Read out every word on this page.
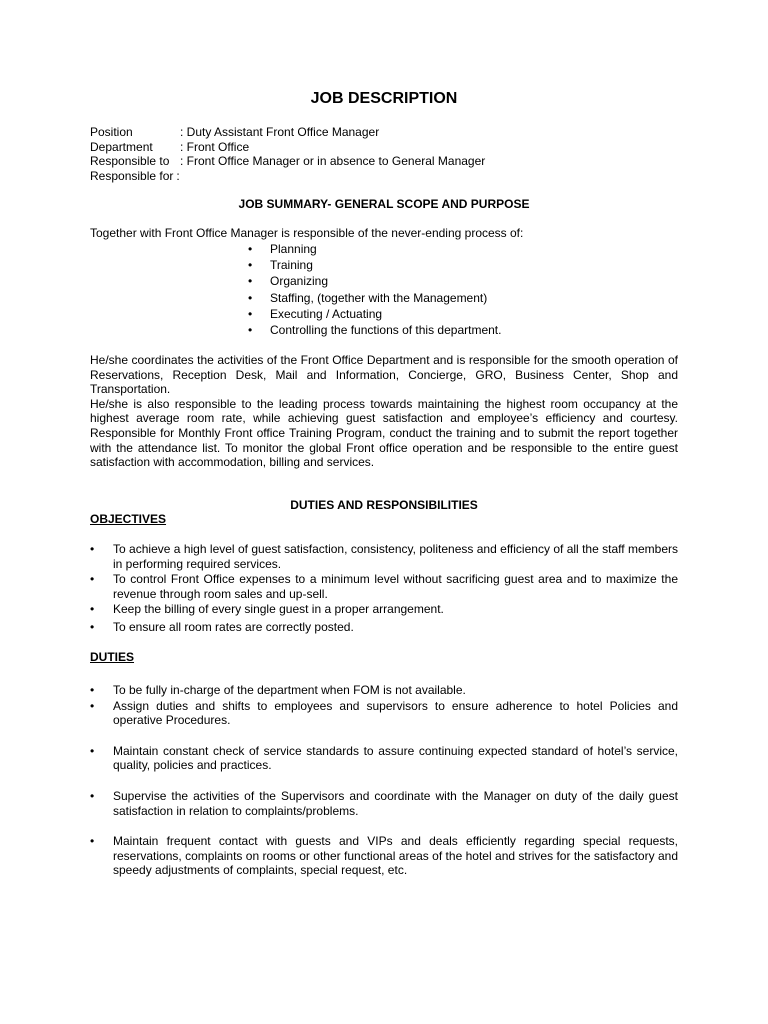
JOB DESCRIPTION
Position	: Duty Assistant Front Office Manager
Department	: Front Office
Responsible to : Front Office Manager or in absence to General Manager
Responsible for :
JOB SUMMARY- GENERAL SCOPE AND PURPOSE
Together with Front Office Manager is responsible of the never-ending process of:
•	Planning
•	Training
•	Organizing
•	Staffing, (together with the Management)
•	Executing / Actuating
•	Controlling the functions of this department.

He/she coordinates the activities of the Front Office Department and is responsible for the smooth operation of Reservations, Reception Desk, Mail and Information, Concierge, GRO, Business Center, Shop and Transportation.

He/she is also responsible to the leading process towards maintaining the highest room occupancy at the highest average room rate, while achieving guest satisfaction and employee’s efficiency and courtesy. Responsible for Monthly Front office Training Program, conduct the training and to submit the report together with the attendance list. To monitor the global Front office operation and be responsible to the entire guest satisfaction with accommodation, billing and services.

DUTIES AND RESPONSIBILITIES
OBJECTIVES
•	To achieve a high level of guest satisfaction, consistency, politeness and efficiency of all the staff members in performing required services.
•	To control Front Office expenses to a minimum level without sacrificing guest area and to maximize the revenue through room sales and up-sell.
•	Keep the billing of every single guest in a proper arrangement.
•	To ensure all room rates are correctly posted.
DUTIES
•	To be fully in-charge of the department when FOM is not available.
•	Assign duties and shifts to employees and supervisors to ensure adherence to hotel Policies and operative Procedures.
•	Maintain constant check of service standards to assure continuing expected standard of hotel’s service, quality, policies and practices.
•	Supervise the activities of the Supervisors and coordinate with the Manager on duty of the daily guest satisfaction in relation to complaints/problems.
•	Maintain frequent contact with guests and VIPs and deals efficiently regarding special requests, reservations, complaints on rooms or other functional areas of the hotel and strives for the satisfactory and speedy adjustments of complaints, special request, etc.
